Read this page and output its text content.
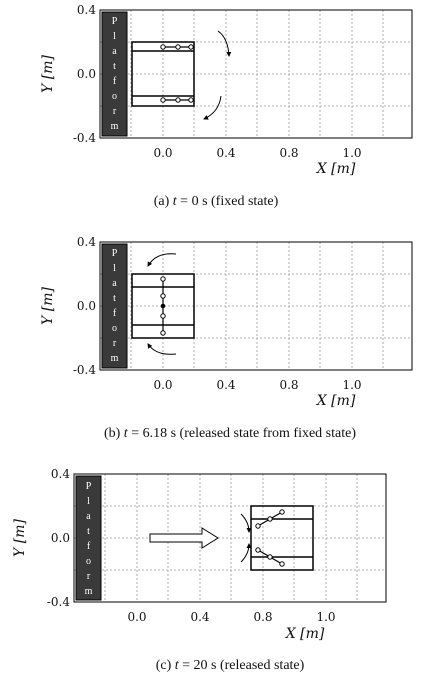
0.4
0.0
-0.4
0.0	0.4	0.8	1.0
X [m]
Y [m]
P
l
a
t
f
o
r
m
(a) t = 0 s (fixed state)
0.4
0.0
-0.4
0.0	0.4	0.8	1.0
X [m]
Y [m]
P
l
a
t
f
o
r
m
(b) t = 6.18 s (released state from fixed state)
0.4
0.0
-0.4
0.0	0.4	0.8	1.0
X [m]
Y [m]
P
l
a
t
f
o
r
m
(c) t = 20 s (released state)
